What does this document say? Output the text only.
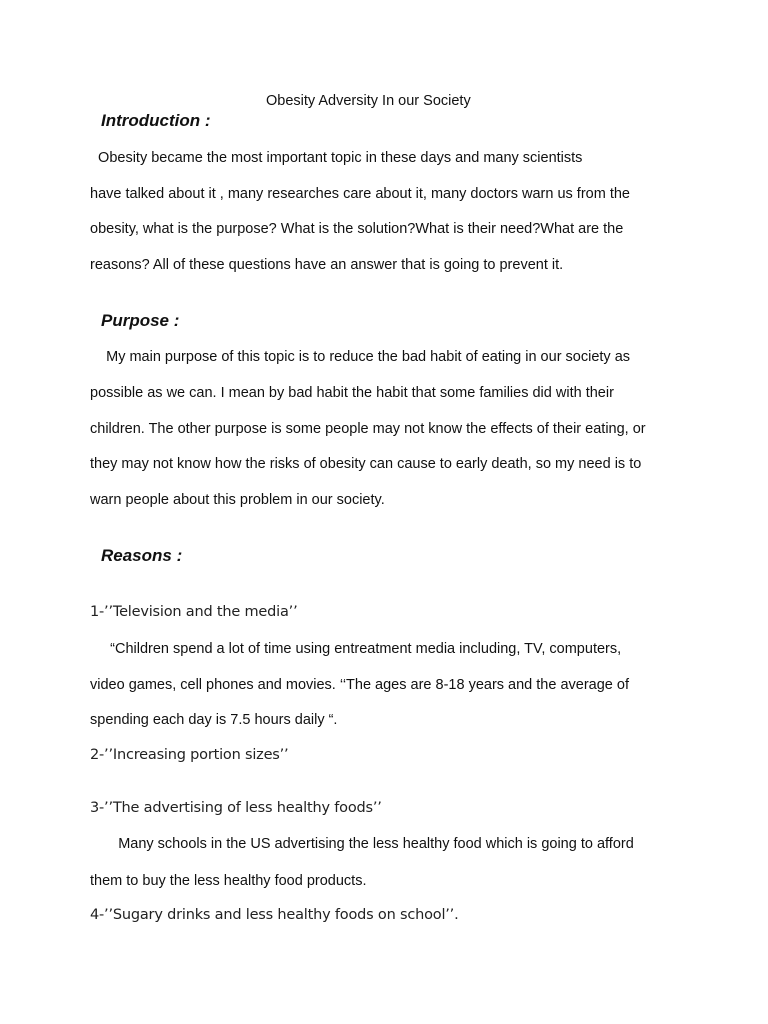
Obesity Adversity In our Society

Introduction :

Obesity became the most important topic in these days and many scientists

have talked about it , many researches care about it, many doctors warn us from the

obesity, what is the purpose? What is the solution?What is their need?What are the

reasons? All of these questions have an answer that is going to prevent it.

Purpose :

My main purpose of this topic is to reduce the bad habit of eating in our society as

possible as we can. I mean by bad habit the habit that some families did with their

children. The other purpose is some people may not know the effects of their eating, or

they may not know how the risks of obesity can cause to early death, so my need is to

warn people about this problem in our society.

Reasons :

1-’’Television and the media’’

“Children spend a lot of time using entreatment media including, TV, computers,

video games, cell phones and movies. ‘‘The ages are 8-18 years and the average of

spending each day is 7.5 hours daily “.

2-’’Increasing portion sizes’’

3-’’The advertising of less healthy foods’’

Many schools in the US advertising the less healthy food which is going to afford

them to buy the less healthy food products.

4-’’Sugary drinks and less healthy foods on school’’.
